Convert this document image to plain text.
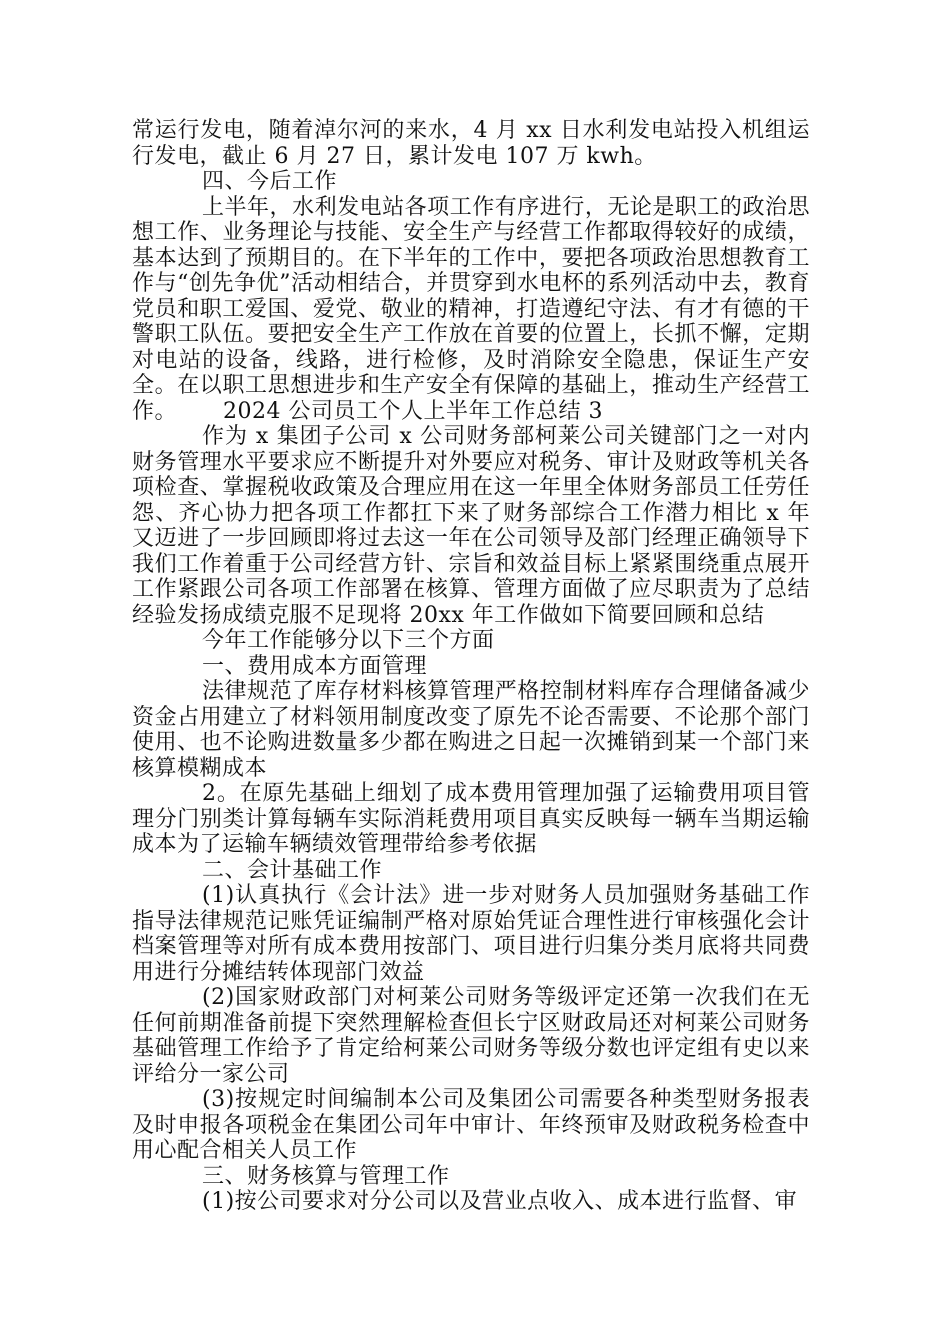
常运行发电，随着淖尔河的来水，4 月 xx 日水利发电站投入机组运行发电，截止 6 月 27 日，累计发电 107 万 kwh。

四、今后工作

上半年，水利发电站各项工作有序进行，无论是职工的政治思想工作、业务理论与技能、安全生产与经营工作都取得较好的成绩，基本达到了预期目的。在下半年的工作中，要把各项政治思想教育工作与“创先争优”活动相结合，并贯穿到水电杯的系列活动中去，教育党员和职工爱国、爱党、敬业的精神，打造遵纪守法、有才有德的干警职工队伍。要把安全生产工作放在首要的位置上，长抓不懈，定期对电站的设备，线路，进行检修，及时消除安全隐患，保证生产安全。在以职工思想进步和生产安全有保障的基础上，推动生产经营工作。 2024 公司员工个人上半年工作总结 3

作为 x 集团子公司 x 公司财务部柯莱公司关键部门之一对内财务管理水平要求应不断提升对外要应对税务、审计及财政等机关各项检查、掌握税收政策及合理应用在这一年里全体财务部员工任劳任怨、齐心协力把各项工作都扛下来了财务部综合工作潜力相比 x 年又迈进了一步回顾即将过去这一年在公司领导及部门经理正确领导下我们工作着重于公司经营方针、宗旨和效益目标上紧紧围绕重点展开工作紧跟公司各项工作部署在核算、管理方面做了应尽职责为了总结经验发扬成绩克服不足现将 20xx 年工作做如下简要回顾和总结

今年工作能够分以下三个方面

一、费用成本方面管理

法律规范了库存材料核算管理严格控制材料库存合理储备减少资金占用建立了材料领用制度改变了原先不论否需要、不论那个部门使用、也不论购进数量多少都在购进之日起一次摊销到某一个部门来核算模糊成本

2。在原先基础上细划了成本费用管理加强了运输费用项目管理分门别类计算每辆车实际消耗费用项目真实反映每一辆车当期运输成本为了运输车辆绩效管理带给参考依据

二、会计基础工作

(1)认真执行《会计法》进一步对财务人员加强财务基础工作指导法律规范记账凭证编制严格对原始凭证合理性进行审核强化会计档案管理等对所有成本费用按部门、项目进行归集分类月底将共同费用进行分摊结转体现部门效益

(2)国家财政部门对柯莱公司财务等级评定还第一次我们在无任何前期准备前提下突然理解检查但长宁区财政局还对柯莱公司财务基础管理工作给予了肯定给柯莱公司财务等级分数也评定组有史以来评给分一家公司

(3)按规定时间编制本公司及集团公司需要各种类型财务报表及时申报各项税金在集团公司年中审计、年终预审及财政税务检查中用心配合相关人员工作

三、财务核算与管理工作

(1)按公司要求对分公司以及营业点收入、成本进行监督、审
